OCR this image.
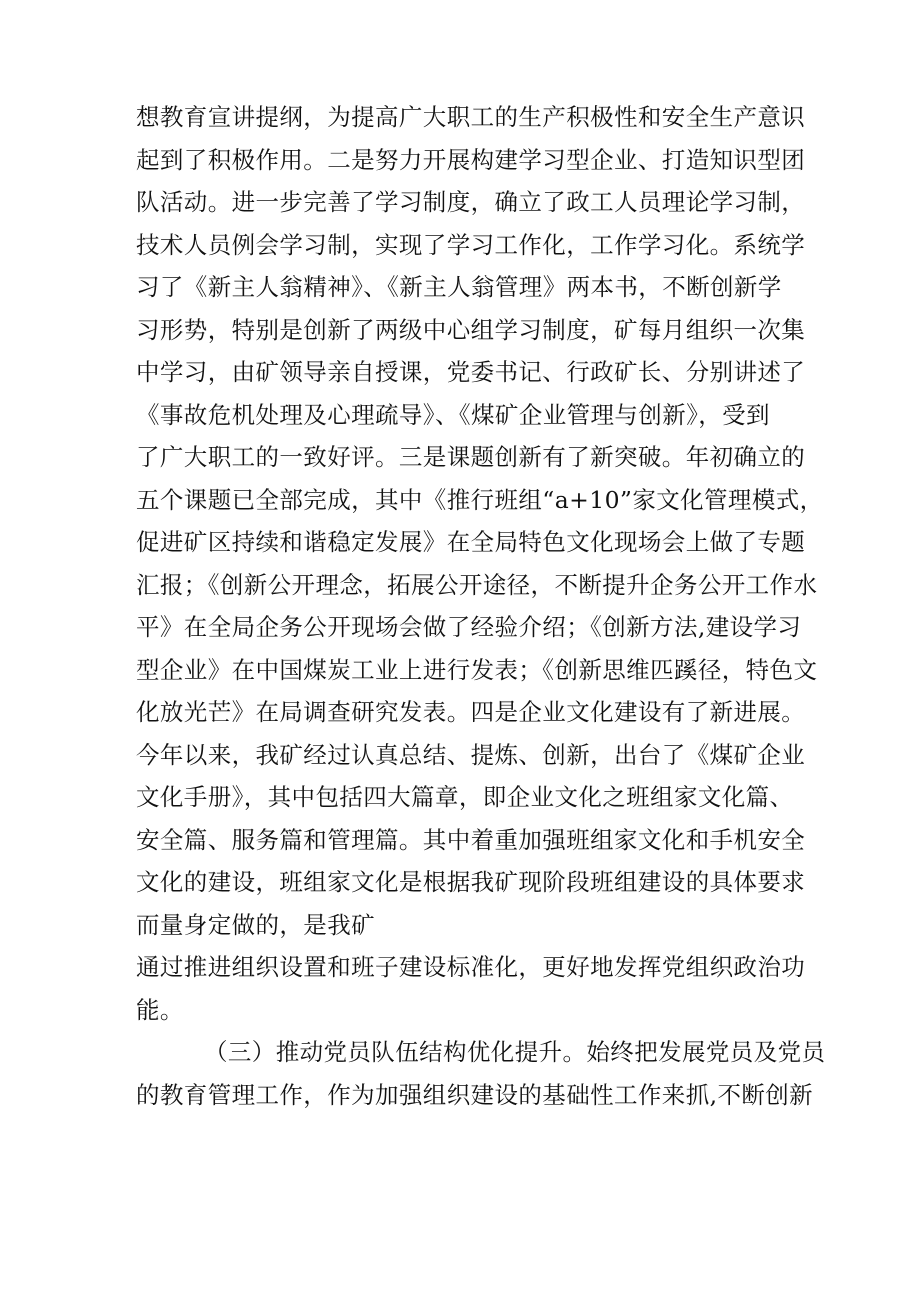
想教育宣讲提纲，为提高广大职工的生产积极性和安全生产意识
起到了积极作用。二是努力开展构建学习型企业、打造知识型团
队活动。进一步完善了学习制度，确立了政工人员理论学习制，
技术人员例会学习制，实现了学习工作化，工作学习化。系统学
习了《新主人翁精神》、《新主人翁管理》两本书，不断创新学
习形势，特别是创新了两级中心组学习制度，矿每月组织一次集
中学习，由矿领导亲自授课，党委书记、行政矿长、分别讲述了
《事故危机处理及心理疏导》、《煤矿企业管理与创新》，受到
了广大职工的一致好评。三是课题创新有了新突破。年初确立的
五个课题已全部完成，其中《推行班组“a+10”家文化管理模式，
促进矿区持续和谐稳定发展》在全局特色文化现场会上做了专题
汇报；《创新公开理念，拓展公开途径，不断提升企务公开工作水
平》在全局企务公开现场会做了经验介绍；《创新方法,建设学习
型企业》在中国煤炭工业上进行发表；《创新思维匹蹊径，特色文
化放光芒》在局调查研究发表。四是企业文化建设有了新进展。
今年以来，我矿经过认真总结、提炼、创新，出台了《煤矿企业
文化手册》，其中包括四大篇章，即企业文化之班组家文化篇、
安全篇、服务篇和管理篇。其中着重加强班组家文化和手机安全
文化的建设，班组家文化是根据我矿现阶段班组建设的具体要求
而量身定做的，是我矿
通过推进组织设置和班子建设标准化，更好地发挥党组织政治功
能。
（三）推动党员队伍结构优化提升。始终把发展党员及党员
的教育管理工作，作为加强组织建设的基础性工作来抓,不断创新
